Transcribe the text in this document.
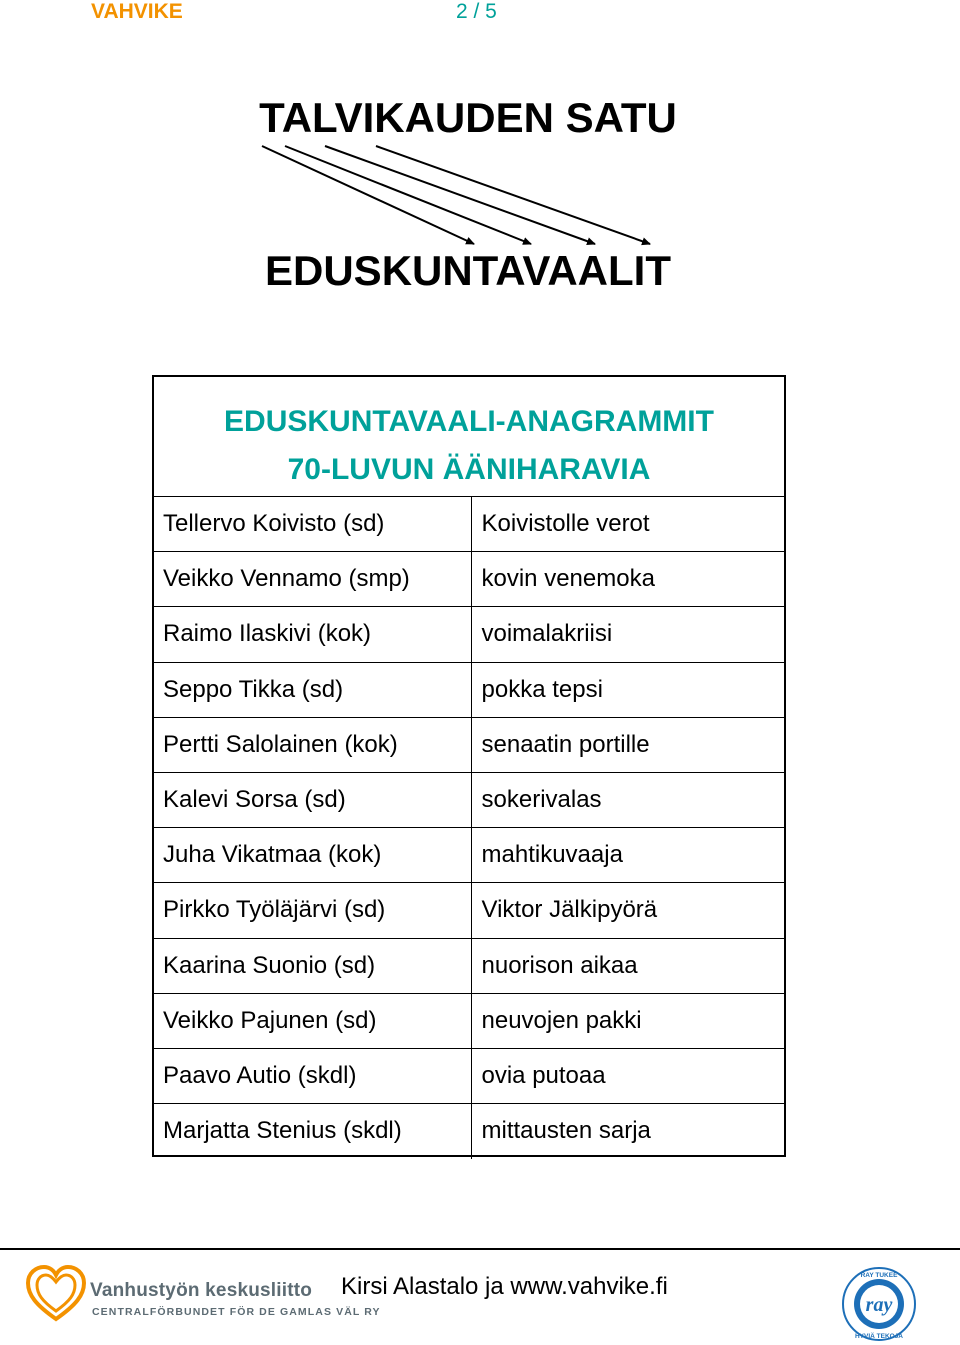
VAHVIKE	2 / 5
TALVIKAUDEN SATU
EDUSKUNTAVAALIT
EDUSKUNTAVAALI-ANAGRAMMIT
70-LUVUN ÄÄNIHARAVIA
Tellervo Koivisto (sd)	Koivistolle verot
Veikko Vennamo (smp)	kovin venemoka
Raimo Ilaskivi (kok)	voimalakriisi
Seppo Tikka (sd)	pokka tepsi
Pertti Salolainen (kok)	senaatin portille
Kalevi Sorsa (sd)	sokerivalas
Juha Vikatmaa (kok)	mahtikuvaaja
Pirkko Työläjärvi (sd)	Viktor Jälkipyörä
Kaarina Suonio (sd)	nuorison aikaa
Veikko Pajunen (sd)	neuvojen pakki
Paavo Autio (skdl)	ovia putoaa
Marjatta Stenius (skdl)	mittausten sarja
Vanhustyön keskusliitto
CENTRALFÖRBUNDET FÖR DE GAMLAS VÄL RY
Kirsi Alastalo ja www.vahvike.fi
ray
RAY TUKEE
HYVIÄ TEKOJA
